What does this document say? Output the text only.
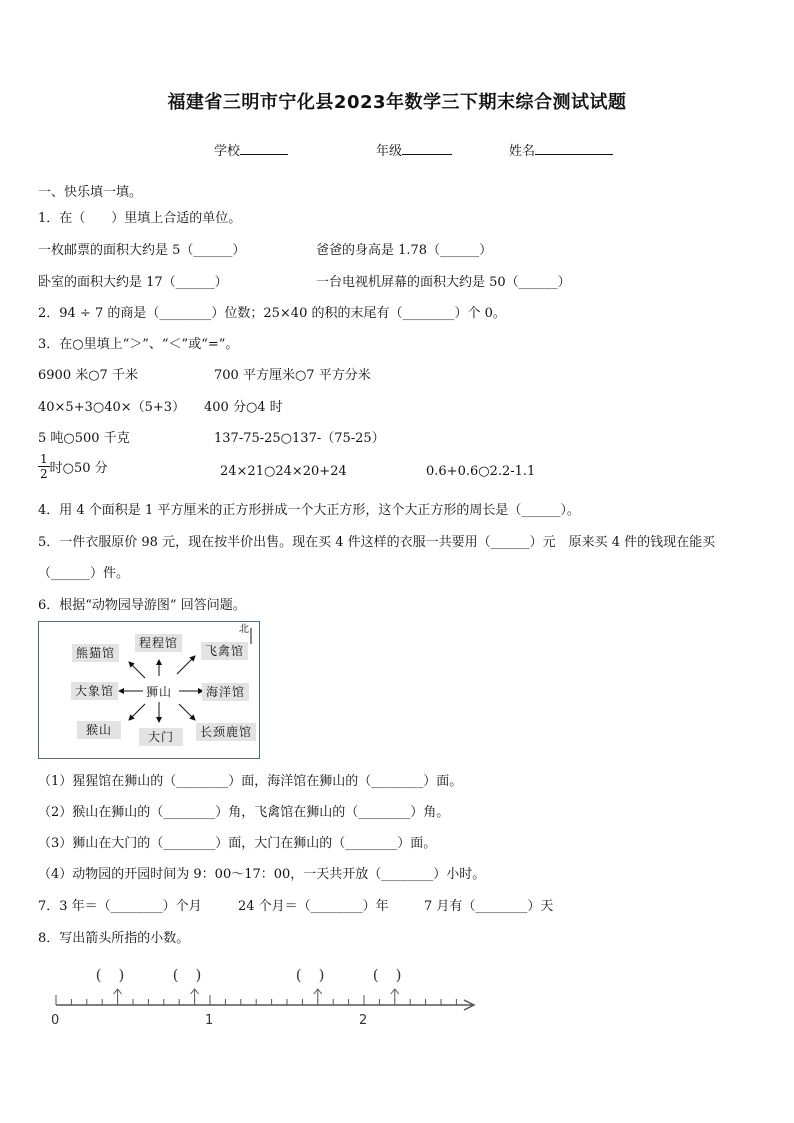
福建省三明市宁化县2023年数学三下期末综合测试试题
学校	年级	姓名
一、快乐填一填。
1．在（　　）里填上合适的单位。
一枚邮票的面积大约是 5（______）	爸爸的身高是 1.78（______）
卧室的面积大约是 17（______）	一台电视机屏幕的面积大约是 50（______）
2．94 ÷ 7 的商是（________）位数；25×40 的积的末尾有（________）个 0。
3．在○里填上“＞”、“＜”或“=”。
6900 米○7 千米	700 平方厘米○7 平方分米
40×5+3○40×（5+3） 400 分○4 时
5 吨○500 千克	137-75-25○137-（75-25）
$\frac{1}{2}$ 时○50 分	24×21○24×20+24	0.6+0.6○2.2-1.1
4．用 4 个面积是 1 平方厘米的正方形拼成一个大正方形，这个大正方形的周长是（______）。
5．一件衣服原价 98 元，现在按半价出售。现在买 4 件这样的衣服一共要用（______）元　原来买 4 件的钱现在能买
（______）件。
6．根据“动物园导游图” 回答问题。
北
熊猫馆
程程馆
飞禽馆
大象馆	狮山	海洋馆
猴山	大门	长颈鹿馆
（1）猩猩馆在狮山的（________）面，海洋馆在狮山的（________）面。
（2）猴山在狮山的（________）角，飞禽馆在狮山的（________）角。
（3）狮山在大门的（________）面，大门在狮山的（________）面。
（4）动物园的开园时间为 9：00～17：00，一天共开放（________）小时。
7．3 年＝（________）个月	24 个月＝（________）年	7 月有（________）天
8．写出箭头所指的小数。
0	1	2
(　)	(　)	(　)	(　)
